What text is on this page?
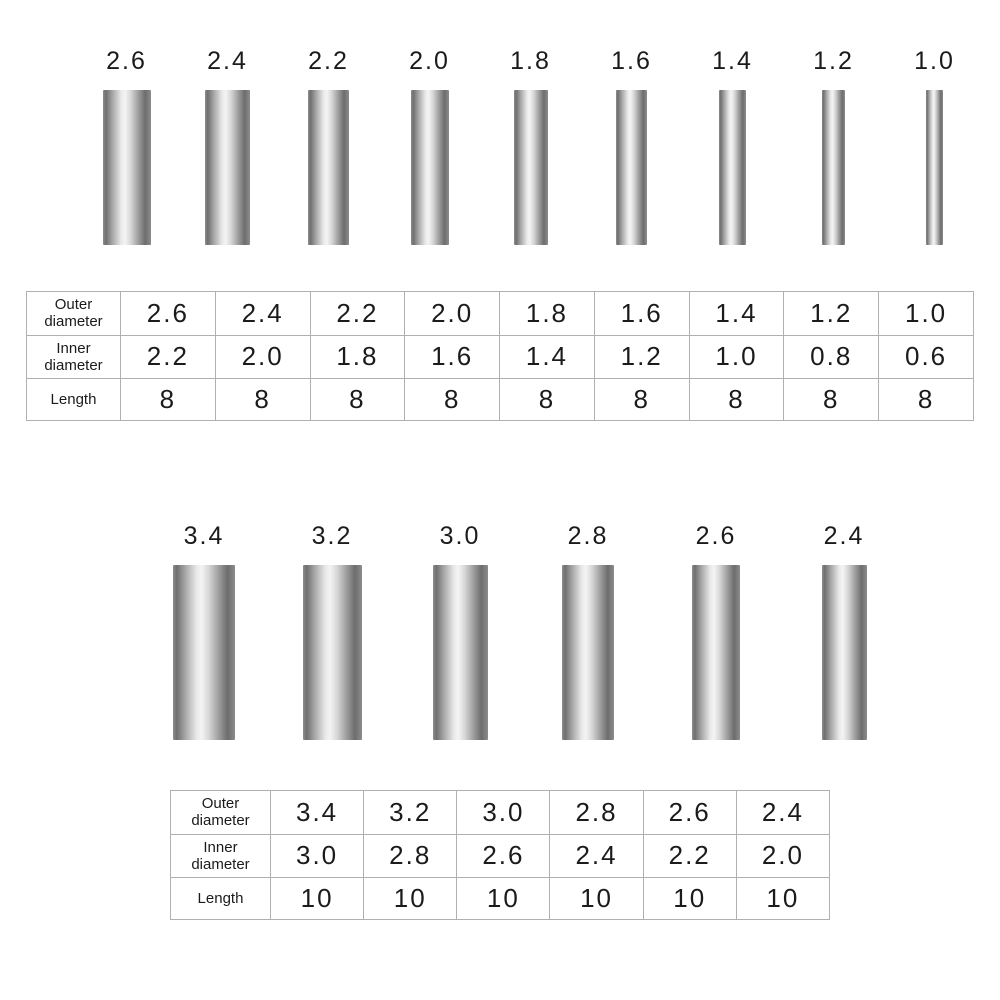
2.6 2.4 2.2 2.0 1.8 1.6 1.4 1.2 1.0
Outer
diameter	2.6	2.4	2.2	2.0	1.8	1.6	1.4	1.2	1.0
Inner
diameter	2.2	2.0	1.8	1.6	1.4	1.2	1.0	0.8	0.6
Length	8	8	8	8	8	8	8	8	8
3.4	3.2	3.0	2.8	2.6	2.4
Outer
diameter	3.4	3.2	3.0	2.8	2.6	2.4
Inner
diameter	3.0	2.8	2.6	2.4	2.2	2.0
Length	10	10	10	10	10	10
